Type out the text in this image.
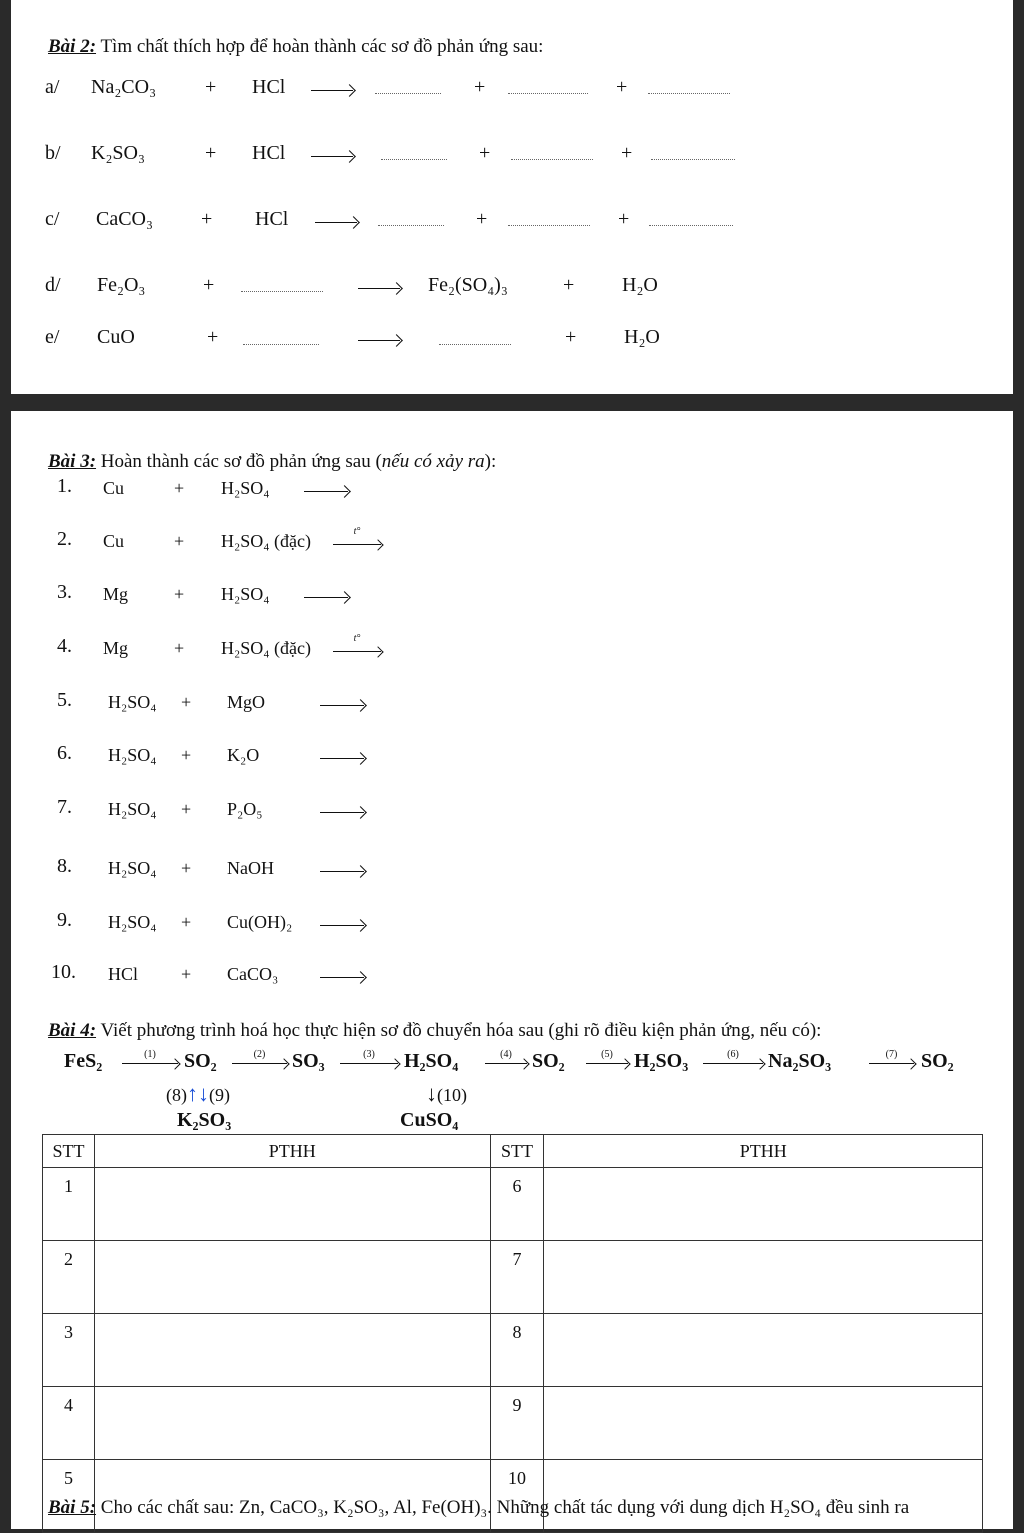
Bài 2: Tìm chất thích hợp để hoàn thành các sơ đồ phản ứng sau:
a/ Na₂CO₃ + HCl	+	+
b/ K₂SO₃	+ HCl	+	+
c/ CaCO₃ + HCl	+	+
d/ Fe₂O₃	+	Fe₂(SO₄)₃	+ H₂O
e/ CuO	+	+ H₂O
Bài 3: Hoàn thành các sơ đồ phản ứng sau (nếu có xảy ra):
1. Cu	+ H₂SO₄
2. Cu	+ H₂SO₄ (đặc)	t°
3. Mg	+ H₂SO₄
4. Mg	+ H₂SO₄ (đặc)	t°
5. H₂SO₄ + MgO
6. H₂SO₄ + K₂O
7. H₂SO₄ + P₂O₅
8. H₂SO₄ + NaOH
9. H₂SO₄ + Cu(OH)₂
10. HCl + CaCO₃
Bài 4: Viết phương trình hoá học thực hiện sơ đồ chuyển hóa sau (ghi rõ điều kiện phản ứng, nếu có):
FeS₂	SO₂	SO₃	H₂SO₄	SO₂	H₂SO₃	Na₂SO₃	SO₂
(1)	(2)	(3)	(4)	(5)	(6)	(7)
(8)↑↓(9)
K₂SO₃
↓(10)
CuSO₄
STT	PTHH	STT	PTHH
1		6	
2		7	
3		8	
4		9	
5		10	
Bài 5: Cho các chất sau: Zn, CaCO₃, K₂SO₃, Al, Fe(OH)₃. Những chất tác dụng với dung dịch H₂SO₄ đều sinh ra
